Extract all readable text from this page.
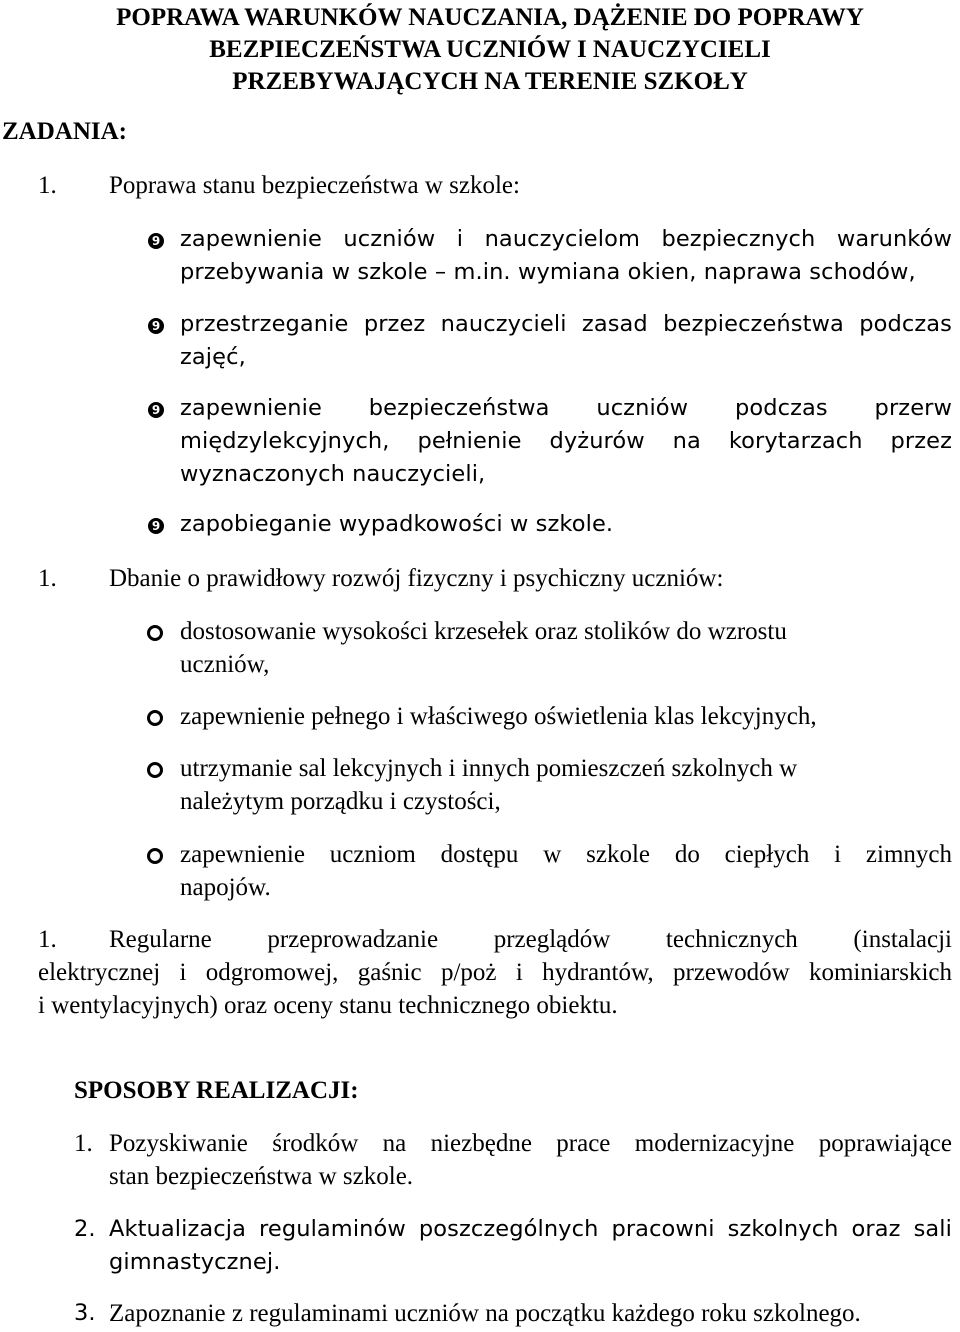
POPRAWA WARUNKÓW NAUCZANIA, DĄŻENIE DO POPRAWY
BEZPIECZEŃSTWA UCZNIÓW I NAUCZYCIELI
PRZEBYWAJĄCYCH NA TERENIE SZKOŁY
ZADANIA:
1. Poprawa stanu bezpieczeństwa w szkole:
9 zapewnienie uczniów i nauczycielom bezpiecznych warunków
przebywania w szkole – m.in. wymiana okien, naprawa schodów,
9 przestrzeganie przez nauczycieli zasad bezpieczeństwa podczas
zajęć,
9 zapewnienie bezpieczeństwa uczniów podczas przerw
międzylekcyjnych, pełnienie dyżurów na korytarzach przez
wyznaczonych nauczycieli,
9 zapobieganie wypadkowości w szkole.
1. Dbanie o prawidłowy rozwój fizyczny i psychiczny uczniów:
dostosowanie wysokości krzesełek oraz stolików do wzrostu
uczniów,
zapewnienie pełnego i właściwego oświetlenia klas lekcyjnych,
utrzymanie sal lekcyjnych i innych pomieszczeń szkolnych w
należytym porządku i czystości,
zapewnienie uczniom dostępu w szkole do ciepłych i zimnych
napojów.
1. Regularne przeprowadzanie przeglądów technicznych (instalacji
elektrycznej i odgromowej, gaśnic p/poż i hydrantów, przewodów kominiarskich
i wentylacyjnych) oraz oceny stanu technicznego obiektu.
SPOSOBY REALIZACJI:
1. Pozyskiwanie środków na niezbędne prace modernizacyjne poprawiające
stan bezpieczeństwa w szkole.
2. Aktualizacja regulaminów poszczególnych pracowni szkolnych oraz sali
gimnastycznej.
3. Zapoznanie z regulaminami uczniów na początku każdego roku szkolnego.
